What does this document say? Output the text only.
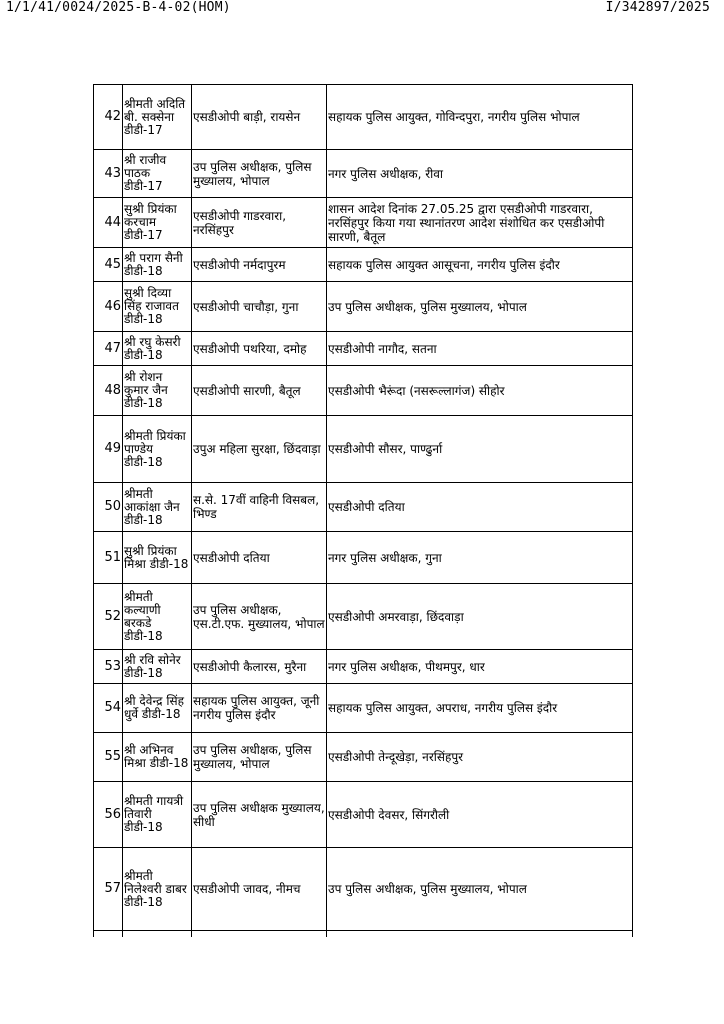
1/1/41/0024/2025-B-4-02(HOM)	I/342897/2025
42	श्रीमती अदिति बी. सक्सेना डीडी-17	एसडीओपी बाड़ी, रायसेन	सहायक पुलिस आयुक्त, गोविन्दपुरा, नगरीय पुलिस भोपाल
43	श्री राजीव पाठक डीडी-17	उप पुलिस अधीक्षक, पुलिस मुख्यालय, भोपाल	नगर पुलिस अधीक्षक, रीवा
44	सुश्री प्रियंका करचाम डीडी-17	एसडीओपी गाडरवारा, नरसिंहपुर	शासन आदेश दिनांक 27.05.25 द्वारा एसडीओपी गाडरवारा, नरसिंहपुर किया गया स्थानांतरण आदेश संशोधित कर एसडीओपी सारणी, बैतूल
45	श्री पराग सैनी डीडी-18	एसडीओपी नर्मदापुरम	सहायक पुलिस आयुक्त आसूचना, नगरीय पुलिस इंदौर
46	सुश्री दिव्या सिंह राजावत डीडी-18	एसडीओपी चाचौड़ा, गुना	उप पुलिस अधीक्षक, पुलिस मुख्यालय, भोपाल
47	श्री रघु केसरी डीडी-18	एसडीओपी पथरिया, दमोह	एसडीओपी नागौद, सतना
48	श्री रोशन कुमार जैन डीडी-18	एसडीओपी सारणी, बैतूल	एसडीओपी भैरूंदा (नसरूल्लागंज) सीहोर
49	श्रीमती प्रियंका पाण्डेय डीडी-18	उपुअ महिला सुरक्षा, छिंदवाड़ा	एसडीओपी सौसर, पाण्ढुर्ना
50	श्रीमती आकांक्षा जैन डीडी-18	स.से. 17वीं वाहिनी विसबल, भिण्ड	एसडीओपी दतिया
51	सुश्री प्रियंका मिश्रा डीडी-18	एसडीओपी दतिया	नगर पुलिस अधीक्षक, गुना
52	श्रीमती कल्याणी बरकडे डीडी-18	उप पुलिस अधीक्षक, एस.टी.एफ. मुख्यालय, भोपाल	एसडीओपी अमरवाड़ा, छिंदवाड़ा
53	श्री रवि सोनेर डीडी-18	एसडीओपी कैलारस, मुरैना	नगर पुलिस अधीक्षक, पीथमपुर, धार
54	श्री देवेन्द्र सिंह धुर्वे डीडी-18	सहायक पुलिस आयुक्त, जूनी नगरीय पुलिस इंदौर	सहायक पुलिस आयुक्त, अपराध, नगरीय पुलिस इंदौर
55	श्री अभिनव मिश्रा डीडी-18	उप पुलिस अधीक्षक, पुलिस मुख्यालय, भोपाल	एसडीओपी तेन्दूखेड़ा, नरसिंहपुर
56	श्रीमती गायत्री तिवारी डीडी-18	उप पुलिस अधीक्षक मुख्यालय, सीधी	एसडीओपी देवसर, सिंगरौली
57	श्रीमती निलेश्वरी डाबर डीडी-18	एसडीओपी जावद, नीमच	उप पुलिस अधीक्षक, पुलिस मुख्यालय, भोपाल
